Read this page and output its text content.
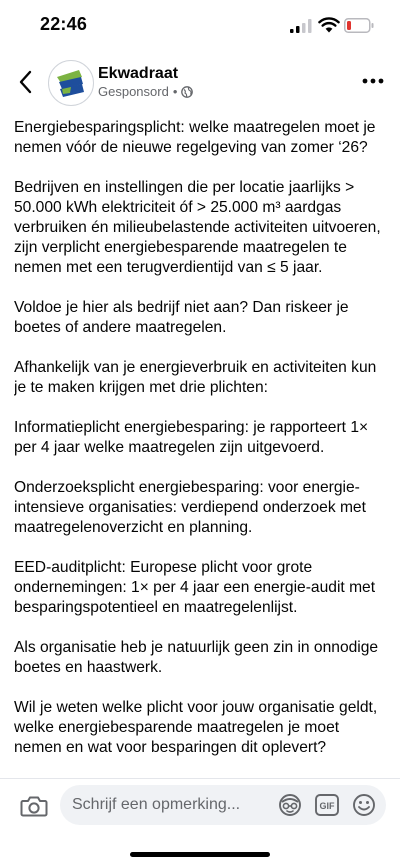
22:46
Ekwadraat
Gesponsord •

Energiebesparingsplicht: welke maatregelen moet je nemen vóór de nieuwe regelgeving van zomer ‘26?

Bedrijven en instellingen die per locatie jaarlijks > 50.000 kWh elektriciteit óf > 25.000 m³ aardgas verbruiken én milieubelastende activiteiten uitvoeren, zijn verplicht energiebesparende maatregelen te nemen met een terugverdientijd van ≤ 5 jaar.

Voldoe je hier als bedrijf niet aan? Dan riskeer je boetes of andere maatregelen.

Afhankelijk van je energieverbruik en activiteiten kun je te maken krijgen met drie plichten:

Informatieplicht energiebesparing: je rapporteert 1× per 4 jaar welke maatregelen zijn uitgevoerd.

Onderzoeksplicht energiebesparing: voor energie-intensieve organisaties: verdiepend onderzoek met maatregelenoverzicht en planning.

EED-auditplicht: Europese plicht voor grote ondernemingen: 1× per 4 jaar een energie-audit met besparingspotentieel en maatregelenlijst.

Als organisatie heb je natuurlijk geen zin in onnodige boetes en haastwerk.

Wil je weten welke plicht voor jouw organisatie geldt, welke energiebesparende maatregelen je moet nemen en wat voor besparingen dit oplevert?

Schrijf een opmerking...
GIF
